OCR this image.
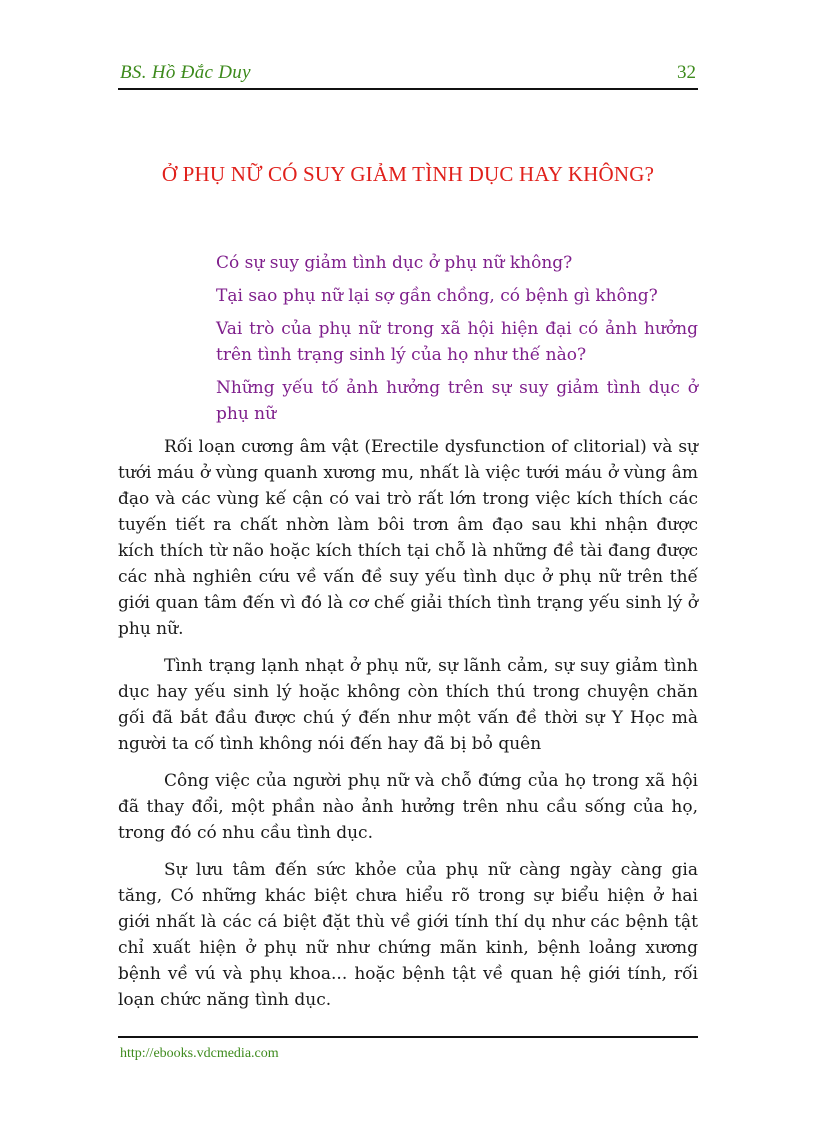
BS. Hồ Đắc Duy	32
Ở PHỤ NỮ CÓ SUY GIẢM TÌNH DỤC HAY KHÔNG?

Có sự suy giảm tình dục ở phụ nữ không?

Tại sao phụ nữ lại sợ gần chồng, có bệnh gì không?

Vai trò của phụ nữ trong xã hội hiện đại có ảnh hưởng trên tình trạng sinh lý của họ như thế nào?

Những yếu tố ảnh hưởng trên sự suy giảm tình dục ở phụ nữ

Rối loạn cương âm vật (Erectile dysfunction of clitorial) và sự tưới máu ở vùng quanh xương mu, nhất là việc tưới máu ở vùng âm đạo và các vùng kế cận có vai trò rất lớn trong việc kích thích các tuyến tiết ra chất nhờn làm bôi trơn âm đạo sau khi nhận được kích thích từ não hoặc kích thích tại chỗ là những đề tài đang được các nhà nghiên cứu về vấn đề suy yếu tình dục ở phụ nữ trên thế giới quan tâm đến vì đó là cơ chế giải thích tình trạng yếu sinh lý ở phụ nữ.

Tình trạng lạnh nhạt ở phụ nữ, sự lãnh cảm, sự suy giảm tình dục hay yếu sinh lý hoặc không còn thích thú trong chuyện chăn gối đã bắt đầu được chú ý đến như một vấn đề thời sự Y Học mà người ta cố tình không nói đến hay đã bị bỏ quên

Công việc của người phụ nữ và chỗ đứng của họ trong xã hội đã thay đổi, một phần nào ảnh hưởng trên nhu cầu sống của họ, trong đó có nhu cầu tình dục.

Sự lưu tâm đến sức khỏe của phụ nữ càng ngày càng gia tăng, Có những khác biệt chưa hiểu rõ trong sự biểu hiện ở hai giới nhất là các cá biệt đặt thù về giới tính thí dụ như các bệnh tật chỉ xuất hiện ở phụ nữ như chứng mãn kinh, bệnh loảng xương bệnh về vú và phụ khoa... hoặc bệnh tật về quan hệ giới tính, rối loạn chức năng tình dục.

http://ebooks.vdcmedia.com
